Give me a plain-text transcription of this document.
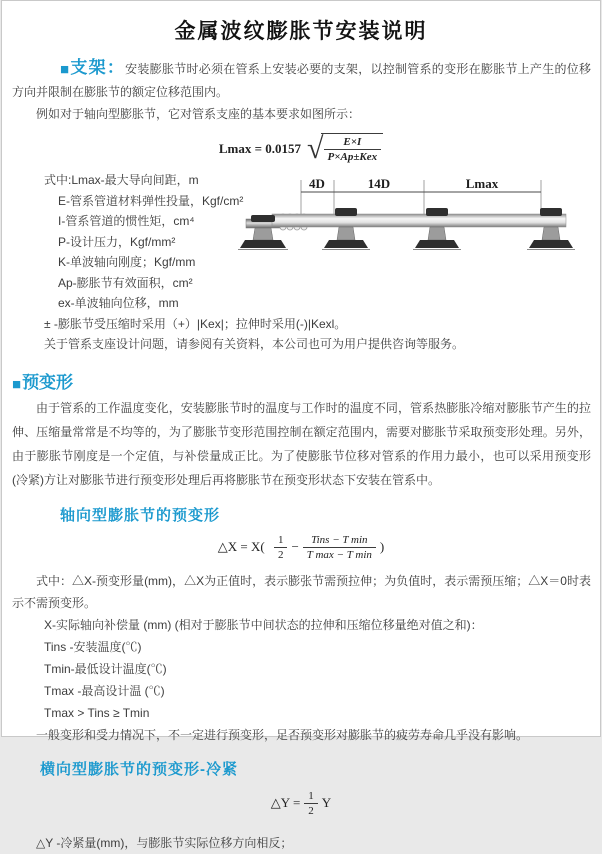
金属波纹膨胀节安装说明

■支架：安装膨胀节时必须在管系上安装必要的支架，以控制管系的变形在膨胀节上产生的位移方向并限制在膨胀节的额定位移范围内。

例如对于轴向型膨胀节，它对管系支座的基本要求如图所示：

Lmax = 0.0157 √ $\frac{E\times I}{\text{P×Ap±Kex}}$
式中:Lmax-最大导向间距，m
E-管系管道材料弹性投量，Kgf/cm²
I-管系管道的惯性矩，cm⁴
P-设计压力，Kgf/mm²
K-单波轴向刚度；Kgf/mm
Ap-膨胀节有效面积，cm²
ex-单波轴向位移，mm
± -膨胀节受压缩时采用（+）|Kex|；拉伸时采用(-)|Kexl。
关于管系支座设计问题，请参阅有关资料，本公司也可为用户提供咨询等服务。
4D	14D	Lmax
■预变形

由于管系的工作温度变化，安装膨胀节时的温度与工作时的温度不同，管系热膨胀冷缩对膨胀节产生的拉伸、压缩量常常是不均等的，为了膨胀节变形范围控制在额定范围内，需要对膨胀节采取预变形处理。另外，由于膨胀节刚度是一个定值，与补偿量成正比。为了使膨胀节位移对管系的作用力最小，也可以采用预变形(冷紧)方让对膨胀节进行预变形处理后再将膨胀节在预变形状态下安装在管系中。

轴向型膨胀节的预变形
△X = X(
$\frac{1}{2} - \frac{\text{Tins − T min}}{\text{T max − T min}}$ )

式中：△X-预变形量(mm)，△X为正值时，表示膨张节需预拉伸；为负值时，表示需预压缩；△X＝0时表示不需预变形。

X-实际轴向补偿量 (mm) (相对于膨胀节中间状态的拉伸和压缩位移量绝对值之和)：
Tins -安装温度(℃)
Tmin-最低设计温度(℃)
Tmax -最高设计温 (℃)
Tmax > Tins ≥ Tmin

一般变形和受力情况下，不一定进行预变形，足否预变形对膨胀节的疲劳寿命几乎没有影响。

横向型膨胀节的预变形-冷紧
△Y = $\frac{1}{2}$ Y

△Y -冷紧量(mm)，与膨胀节实际位移方向相反；
